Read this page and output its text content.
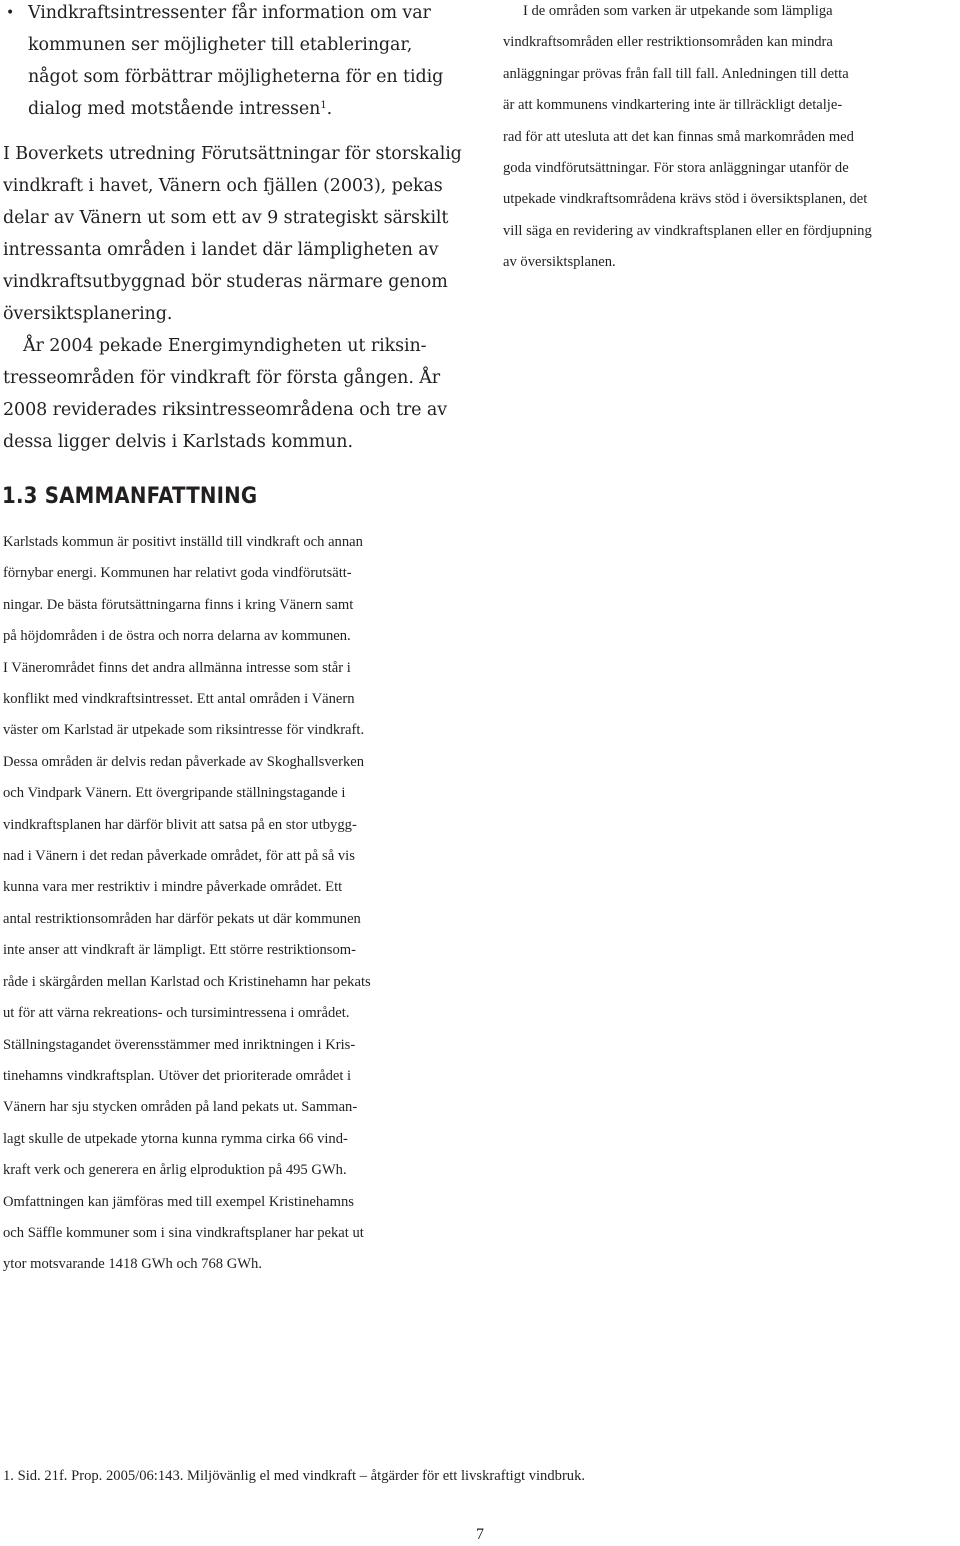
• Vindkraftsintressenter får information om var
kommunen ser möjligheter till etableringar,
något som förbättrar möjligheterna för en tidig
dialog med motstående intressen$^1$.
I Boverkets utredning Förutsättningar för storskalig
vindkraft i havet, Vänern och fjällen (2003), pekas
delar av Vänern ut som ett av 9 strategiskt särskilt
intressanta områden i landet där lämpligheten av
vindkraftsutbyggnad bör studeras närmare genom
översiktsplanering.
År 2004 pekade Energimyndigheten ut riksin-
tresseområden för vindkraft för första gången. År
2008 reviderades riksintresseområdena och tre av
dessa ligger delvis i Karlstads kommun.
1.3 SAMMANFATTNING
Karlstads kommun är positivt inställd till vindkraft och annan
förnybar energi. Kommunen har relativt goda vindförutsätt-
ningar. De bästa förutsättningarna finns i kring Vänern samt
på höjdområden i de östra och norra delarna av kommunen.
I Vänerområdet finns det andra allmänna intresse som står i
konflikt med vindkraftsintresset. Ett antal områden i Vänern
väster om Karlstad är utpekade som riksintresse för vindkraft.
Dessa områden är delvis redan påverkade av Skoghallsverken
och Vindpark Vänern. Ett övergripande ställningstagande i
vindkraftsplanen har därför blivit att satsa på en stor utbygg-
nad i Vänern i det redan påverkade området, för att på så vis
kunna vara mer restriktiv i mindre påverkade området. Ett
antal restriktionsområden har därför pekats ut där kommunen
inte anser att vindkraft är lämpligt. Ett större restriktionsom-
råde i skärgården mellan Karlstad och Kristinehamn har pekats
ut för att värna rekreations- och tursimintressena i området.
Ställningstagandet överensstämmer med inriktningen i Kris-
tinehamns vindkraftsplan. Utöver det prioriterade området i
Vänern har sju stycken områden på land pekats ut. Samman-
lagt skulle de utpekade ytorna kunna rymma cirka 66 vind-
kraft verk och generera en årlig elproduktion på 495 GWh.
Omfattningen kan jämföras med till exempel Kristinehamns
och Säffle kommuner som i sina vindkraftsplaner har pekat ut
ytor motsvarande 1418 GWh och 768 GWh.
I de områden som varken är utpekande som lämpliga
vindkraftsområden eller restriktionsområden kan mindra
anläggningar prövas från fall till fall. Anledningen till detta
är att kommunens vindkartering inte är tillräckligt detalje-
rad för att utesluta att det kan finnas små markområden med
goda vindförutsättningar. För stora anläggningar utanför de
utpekade vindkraftsområdena krävs stöd i översiktsplanen, det
vill säga en revidering av vindkraftsplanen eller en fördjupning
av översiktsplanen.
1. Sid. 21f. Prop. 2005/06:143. Miljövänlig el med vindkraft – åtgärder för ett livskraftigt vindbruk.
7
